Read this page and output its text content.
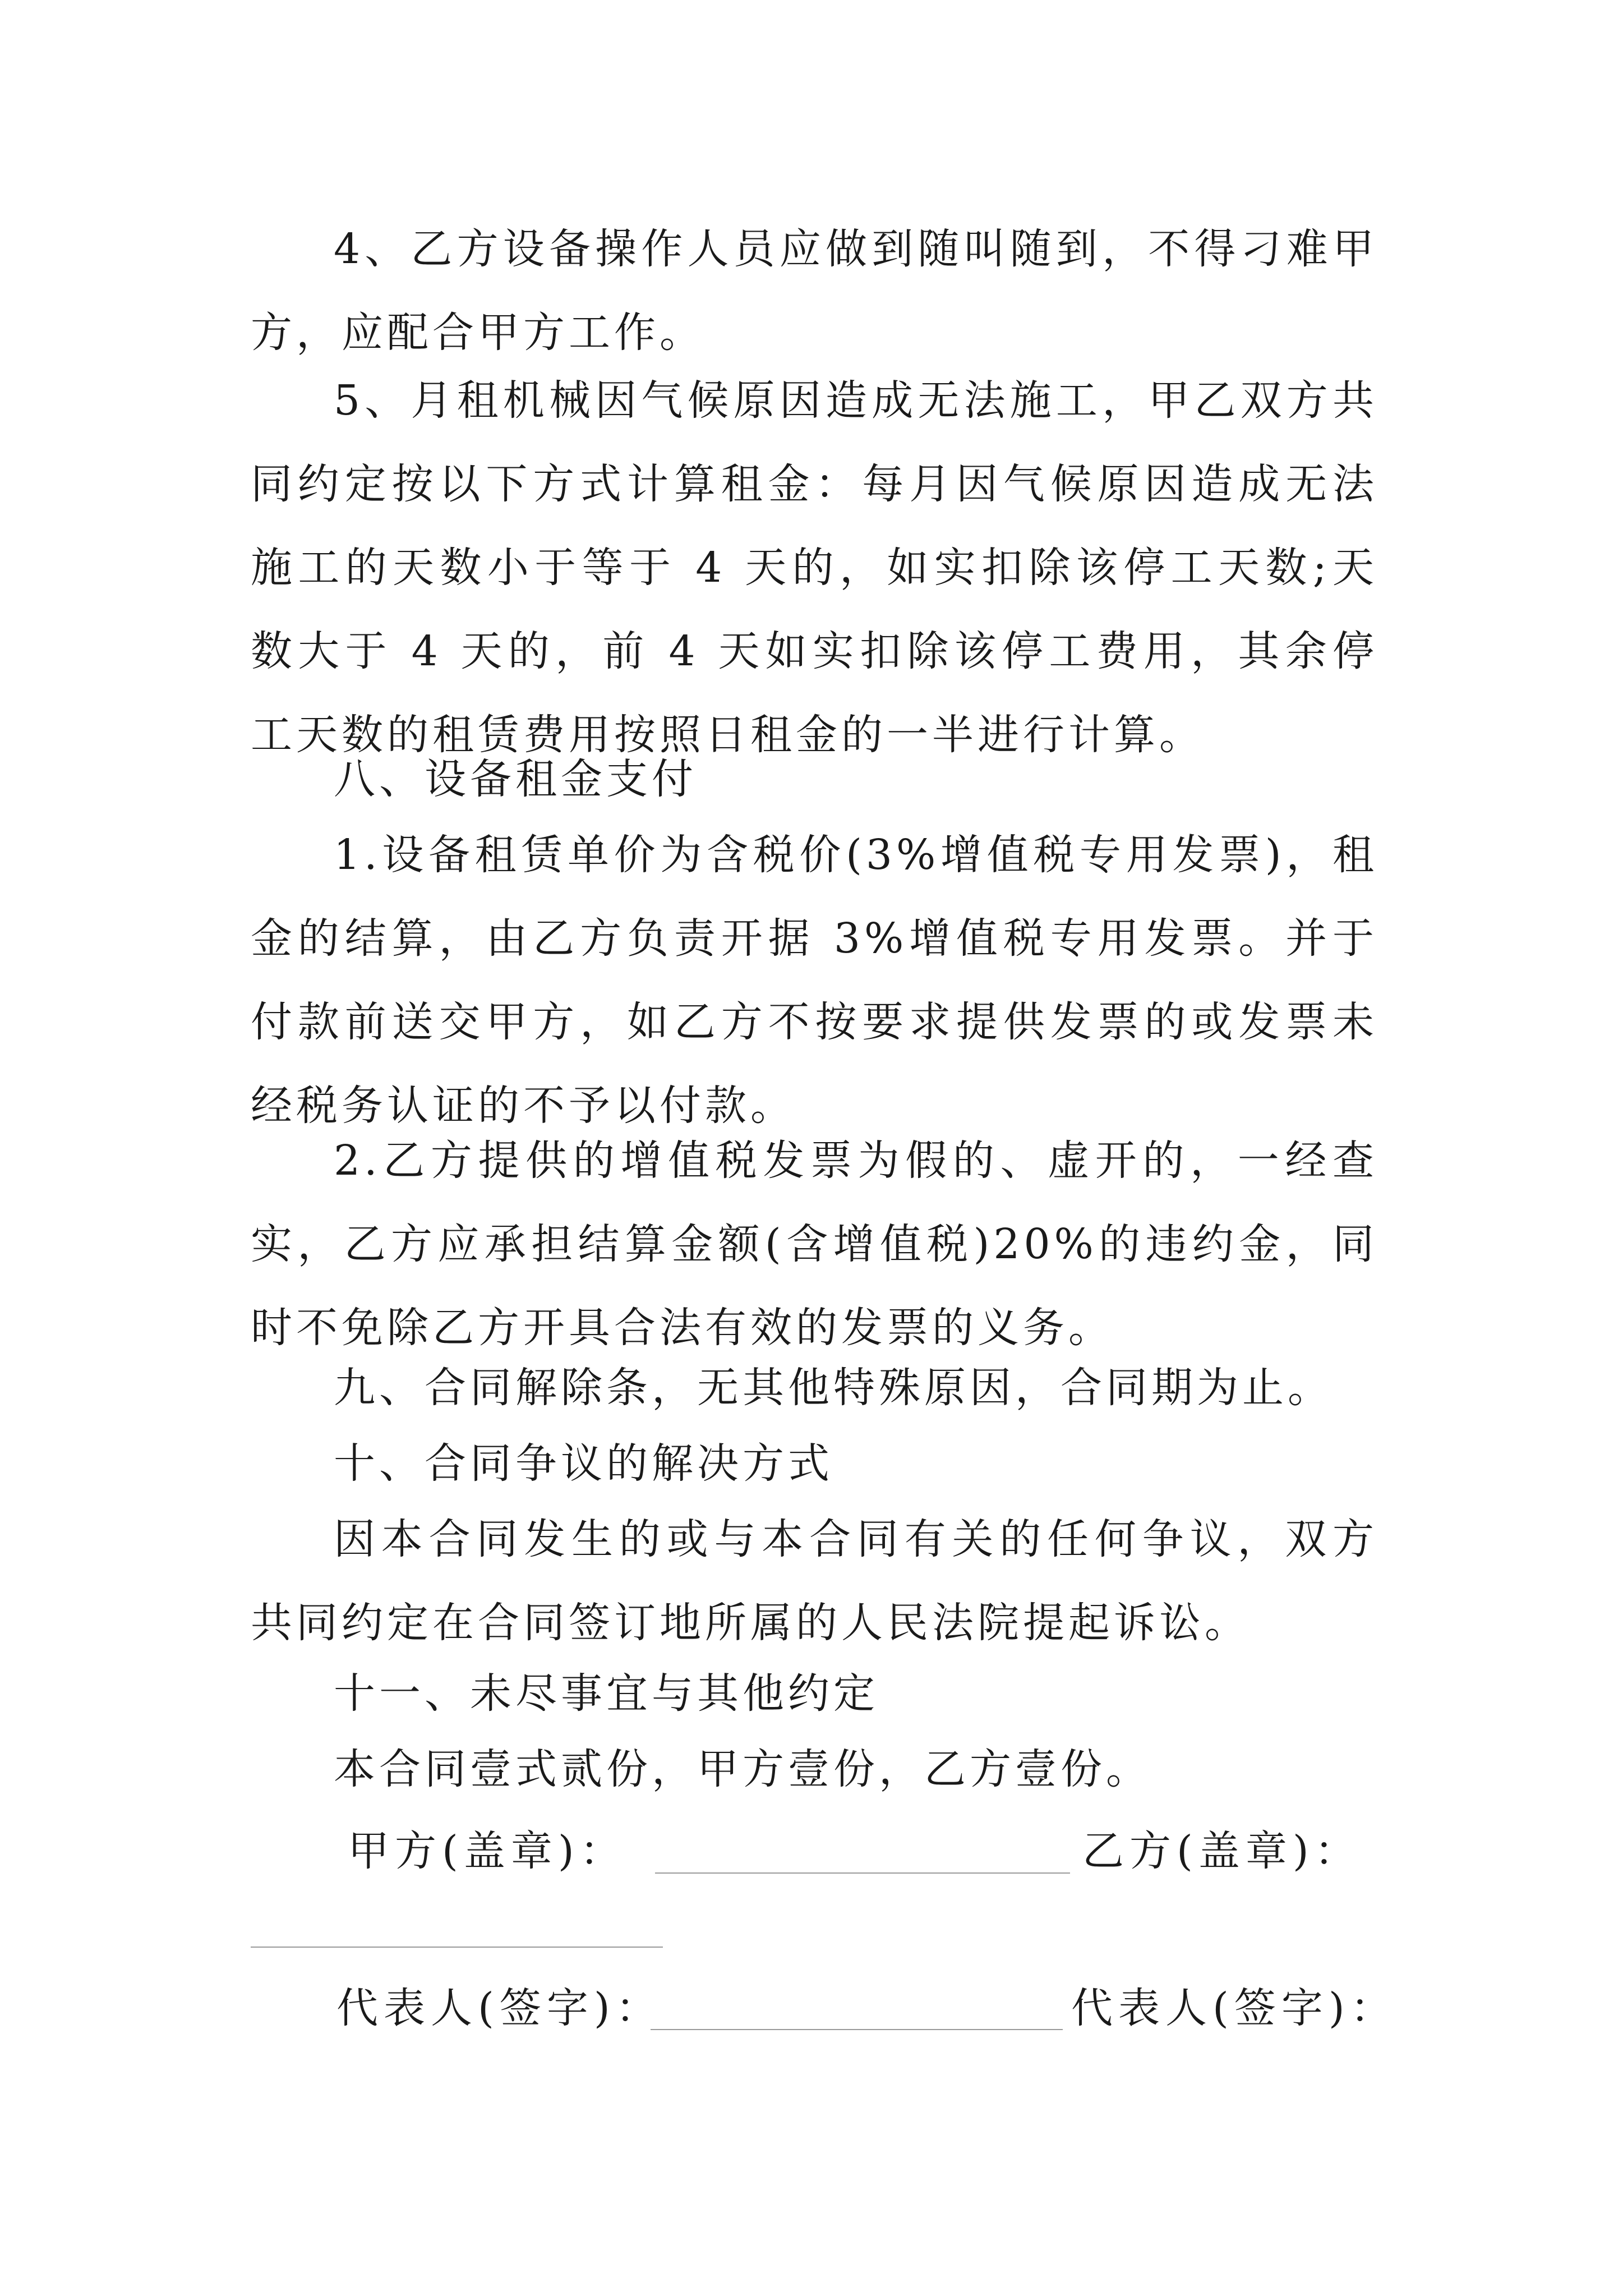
4、乙方设备操作人员应做到随叫随到，不得刁难甲方，应配合甲方工作。

5、月租机械因气候原因造成无法施工，甲乙双方共同约定按以下方式计算租金：每月因气候原因造成无法施工的天数小于等于 4 天的，如实扣除该停工天数;天数大于 4 天的，前 4 天如实扣除该停工费用，其余停工天数的租赁费用按照日租金的一半进行计算。

八、设备租金支付

1.设备租赁单价为含税价(3%增值税专用发票)，租金的结算，由乙方负责开据 3%增值税专用发票。并于付款前送交甲方，如乙方不按要求提供发票的或发票未经税务认证的不予以付款。

2.乙方提供的增值税发票为假的、虚开的，一经查实，乙方应承担结算金额(含增值税)20%的违约金，同时不免除乙方开具合法有效的发票的义务。

九、合同解除条，无其他特殊原因，合同期为止。

十、合同争议的解决方式

因本合同发生的或与本合同有关的任何争议，双方共同约定在合同签订地所属的人民法院提起诉讼。

十一、未尽事宜与其他约定

本合同壹式贰份，甲方壹份，乙方壹份。

甲方(盖章)：	乙方(盖章)：
代表人(签字)：	代表人(签字)：
